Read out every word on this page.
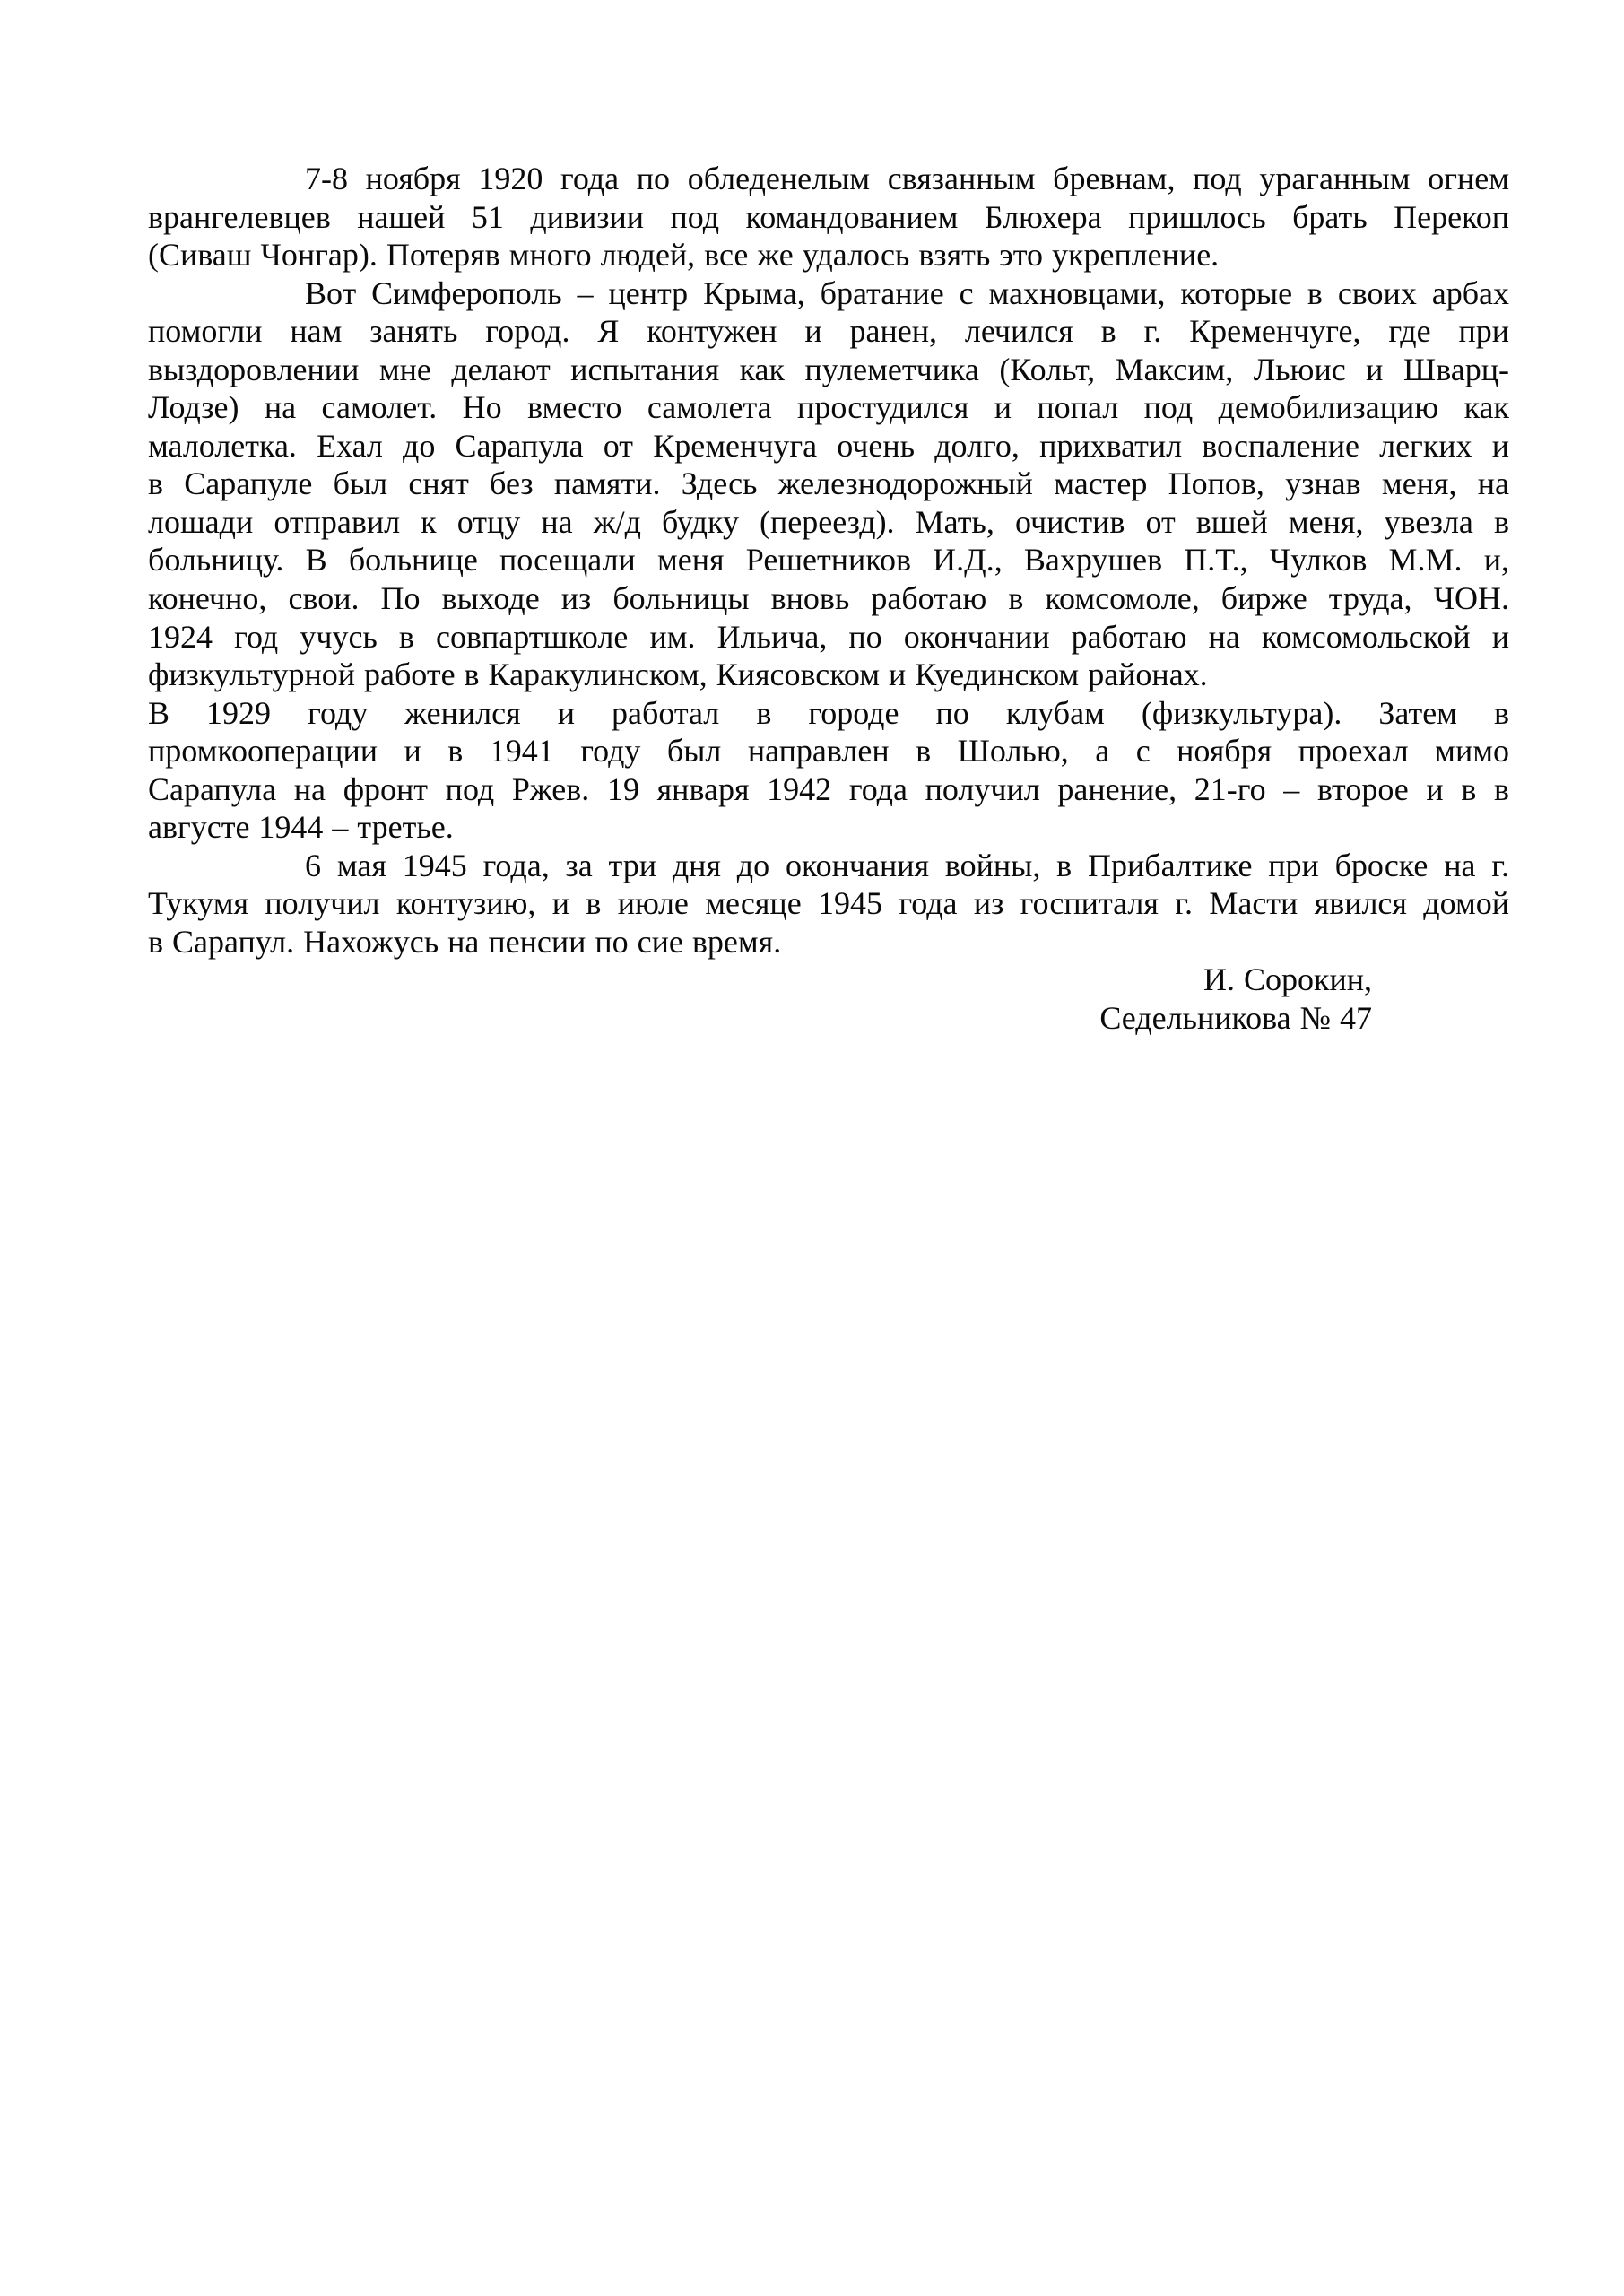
7-8 ноября 1920 года по обледенелым связанным бревнам, под ураганным огнем
врангелевцев нашей 51 дивизии под командованием Блюхера пришлось брать Перекоп
(Сиваш Чонгар). Потеряв много людей, все же удалось взять это укрепление.
Вот Симферополь – центр Крыма, братание с махновцами, которые в своих арбах
помогли нам занять город. Я контужен и ранен, лечился в г. Кременчуге, где при
выздоровлении мне делают испытания как пулеметчика (Кольт, Максим, Льюис и Шварц-
Лодзе) на самолет. Но вместо самолета простудился и попал под демобилизацию как
малолетка. Ехал до Сарапула от Кременчуга очень долго, прихватил воспаление легких и
в Сарапуле был снят без памяти. Здесь железнодорожный мастер Попов, узнав меня, на
лошади отправил к отцу на ж/д будку (переезд). Мать, очистив от вшей меня, увезла в
больницу. В больнице посещали меня Решетников И.Д., Вахрушев П.Т., Чулков М.М. и,
конечно, свои. По выходе из больницы вновь работаю в комсомоле, бирже труда, ЧОН.
1924 год учусь в совпартшколе им. Ильича, по окончании работаю на комсомольской и
физкультурной работе в Каракулинском, Киясовском и Куединском районах.
В 1929 году женился и работал в городе по клубам (физкультура). Затем в
промкооперации и в 1941 году был направлен в Шолью, а с ноября проехал мимо
Сарапула на фронт под Ржев. 19 января 1942 года получил ранение, 21-го – второе и в в
августе 1944 – третье.
6 мая 1945 года, за три дня до окончания войны, в Прибалтике при броске на г.
Тукумя получил контузию, и в июле месяце 1945 года из госпиталя г. Масти явился домой
в Сарапул. Нахожусь на пенсии по сие время.
И. Сорокин,
Седельникова № 47
